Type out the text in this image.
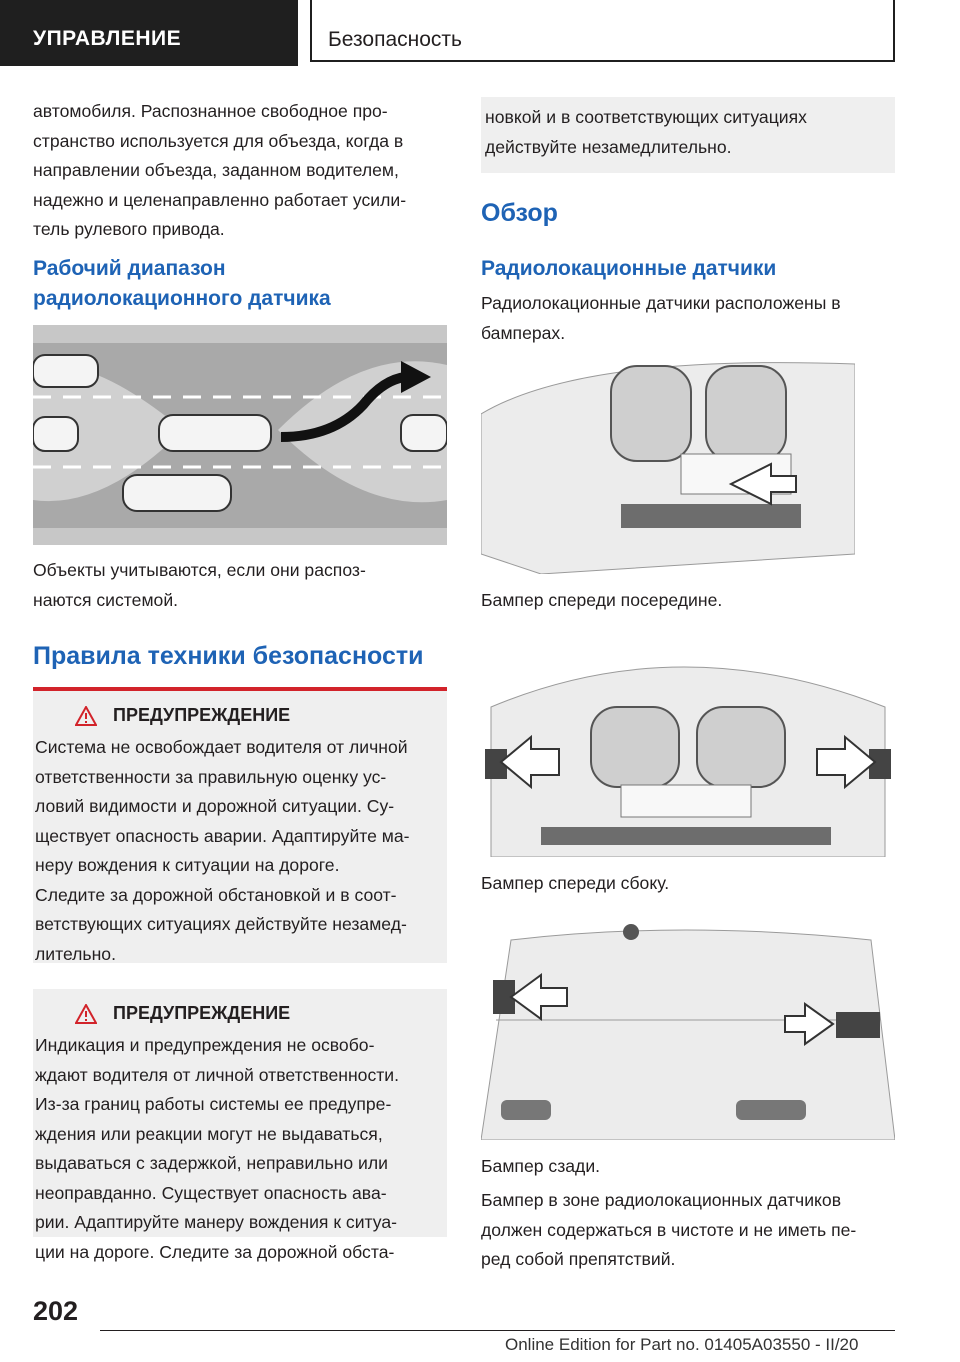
УПРАВЛЕНИЕ	Безопасность

автомобиля. Распознанное свободное про-

странство используется для объезда, когда в

направлении объезда, заданном водителем,

надежно и целенаправленно работает усили-

тель рулевого привода.

Рабочий диапазон

радиолокационного датчика

Объекты учитываются, если они распоз-

наются системой.

Правила техники безопасности

ПРЕДУПРЕЖДЕНИЕ

Система не освобождает водителя от личной

ответственности за правильную оценку ус-

ловий видимости и дорожной ситуации. Су-

ществует опасность аварии. Адаптируйте ма-

неру вождения к ситуации на дороге.

Следите за дорожной обстановкой и в соот-

ветствующих ситуациях действуйте незамед-

лительно.

ПРЕДУПРЕЖДЕНИЕ

Индикация и предупреждения не освобо-

ждают водителя от личной ответственности.

Из-за границ работы системы ее предупре-

ждения или реакции могут не выдаваться,

выдаваться с задержкой, неправильно или

неоправданно. Существует опасность ава-

рии. Адаптируйте манеру вождения к ситуа-

ции на дороге. Следите за дорожной обста-

новкой и в соответствующих ситуациях

действуйте незамедлительно.

Обзор

Радиолокационные датчики

Радиолокационные датчики расположены в

бамперах.

Бампер спереди посередине.

Бампер спереди сбоку.

Бампер сзади.

Бампер в зоне радиолокационных датчиков

должен содержаться в чистоте и не иметь пе-

ред собой препятствий.

202
Online Edition for Part no. 01405A03550 - II/20
